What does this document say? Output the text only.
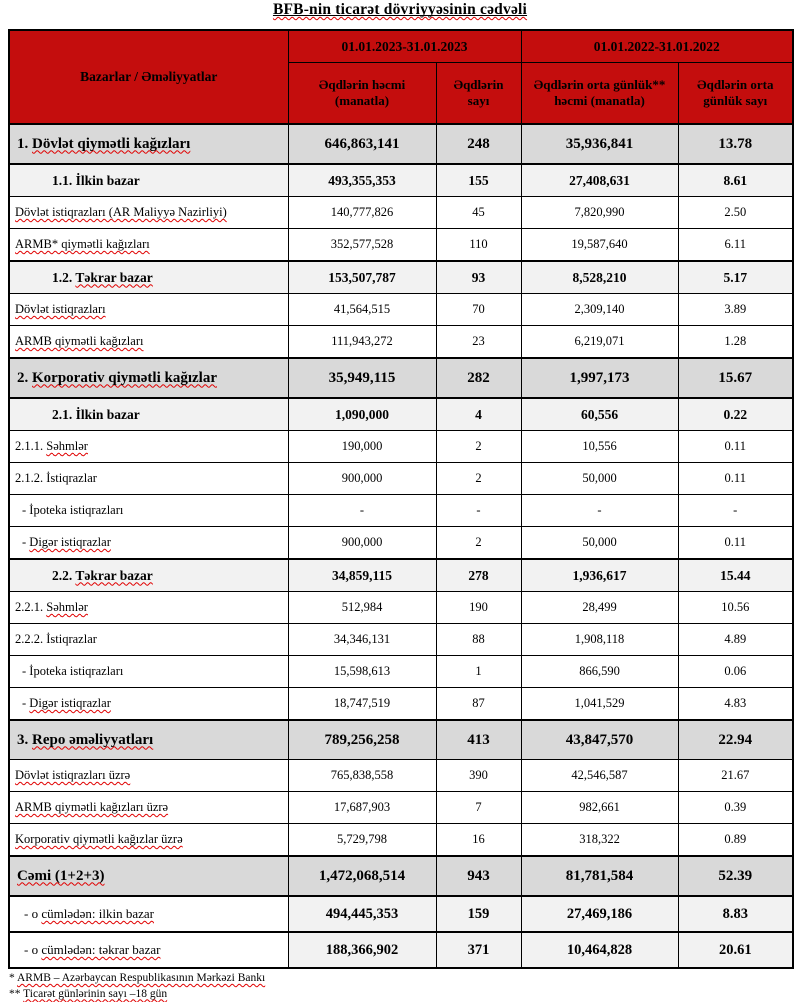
BFB-nin ticarət dövriyyəsinin cədvəli
Bazarlar / Əməliyyatlar	01.01.2023-31.01.2023		01.01.2022-31.01.2022	
	Əqdlərin həcmi (manatla)	Əqdlərin sayı	Əqdlərin orta günlük** həcmi (manatla)	Əqdlərin orta günlük sayı
1. Dövlət qiymətli kağızları	646,863,141	248	35,936,841	13.78
1.1. İlkin bazar	493,355,353	155	27,408,631	8.61
Dövlət istiqrazları (AR Maliyyə Nazirliyi)	140,777,826	45	7,820,990	2.50
ARMB* qiymətli kağızları	352,577,528	110	19,587,640	6.11
1.2. Təkrar bazar	153,507,787	93	8,528,210	5.17
Dövlət istiqrazları	41,564,515	70	2,309,140	3.89
ARMB qiymətli kağızları	111,943,272	23	6,219,071	1.28
2. Korporativ qiymətli kağızlar	35,949,115	282	1,997,173	15.67
2.1. İlkin bazar	1,090,000	4	60,556	0.22
2.1.1. Səhmlər	190,000	2	10,556	0.11
2.1.2. İstiqrazlar	900,000	2	50,000	0.11
- İpoteka istiqrazları	-	-	-	-
- Digər istiqrazlar	900,000	2	50,000	0.11
2.2. Təkrar bazar	34,859,115	278	1,936,617	15.44
2.2.1. Səhmlər	512,984	190	28,499	10.56
2.2.2. İstiqrazlar	34,346,131	88	1,908,118	4.89
- İpoteka istiqrazları	15,598,613	1	866,590	0.06
- Digər istiqrazlar	18,747,519	87	1,041,529	4.83
3. Repo əməliyyatları	789,256,258	413	43,847,570	22.94
Dövlət istiqrazları üzrə	765,838,558	390	42,546,587	21.67
ARMB qiymətli kağızları üzrə	17,687,903	7	982,661	0.39
Korporativ qiymətli kağızlar üzrə	5,729,798	16	318,322	0.89
Cəmi (1+2+3)	1,472,068,514	943	81,781,584	52.39
- o cümlədən: ilkin bazar	494,445,353	159	27,469,186	8.83
- o cümlədən: təkrar bazar	188,366,902	371	10,464,828	20.61
* ARMB – Azərbaycan Respublikasının Mərkəzi Bankı
** Ticarət günlərinin sayı –18 gün
